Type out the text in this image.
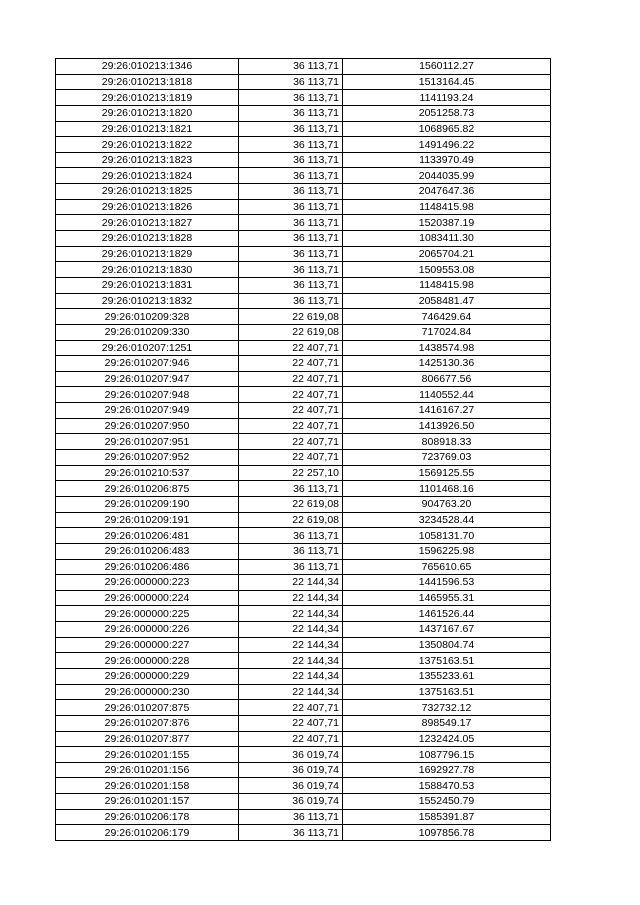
29:26:010213:1346	36 113,71	1560112.27
29:26:010213:1818	36 113,71	1513164.45
29:26:010213:1819	36 113,71	1141193.24
29:26:010213:1820	36 113,71	2051258.73
29:26:010213:1821	36 113,71	1068965.82
29:26:010213:1822	36 113,71	1491496.22
29:26:010213:1823	36 113,71	1133970.49
29:26:010213:1824	36 113,71	2044035.99
29:26:010213:1825	36 113,71	2047647.36
29:26:010213:1826	36 113,71	1148415.98
29:26:010213:1827	36 113,71	1520387.19
29:26:010213:1828	36 113,71	1083411.30
29:26:010213:1829	36 113,71	2065704.21
29:26:010213:1830	36 113,71	1509553.08
29:26:010213:1831	36 113,71	1148415.98
29:26:010213:1832	36 113,71	2058481.47
29:26:010209:328	22 619,08	746429.64
29:26:010209:330	22 619,08	717024.84
29:26:010207:1251	22 407,71	1438574.98
29:26:010207:946	22 407,71	1425130.36
29:26:010207:947	22 407,71	806677.56
29:26:010207:948	22 407,71	1140552.44
29:26:010207:949	22 407,71	1416167.27
29:26:010207:950	22 407,71	1413926.50
29:26:010207:951	22 407,71	808918.33
29:26:010207:952	22 407,71	723769.03
29:26:010210:537	22 257,10	1569125.55
29:26:010206:875	36 113,71	1101468.16
29:26:010209:190	22 619,08	904763.20
29:26:010209:191	22 619,08	3234528.44
29:26:010206:481	36 113,71	1058131.70
29:26:010206:483	36 113,71	1596225.98
29:26:010206:486	36 113,71	765610.65
29:26:000000:223	22 144,34	1441596.53
29:26:000000:224	22 144,34	1465955.31
29:26:000000:225	22 144,34	1461526.44
29:26:000000:226	22 144,34	1437167.67
29:26:000000:227	22 144,34	1350804.74
29:26:000000:228	22 144,34	1375163.51
29:26:000000:229	22 144,34	1355233.61
29:26:000000:230	22 144,34	1375163.51
29:26:010207:875	22 407,71	732732.12
29:26:010207:876	22 407,71	898549.17
29:26:010207:877	22 407,71	1232424.05
29:26:010201:155	36 019,74	1087796.15
29:26:010201:156	36 019,74	1692927.78
29:26:010201:158	36 019,74	1588470.53
29:26:010201:157	36 019,74	1552450.79
29:26:010206:178	36 113,71	1585391.87
29:26:010206:179	36 113,71	1097856.78
